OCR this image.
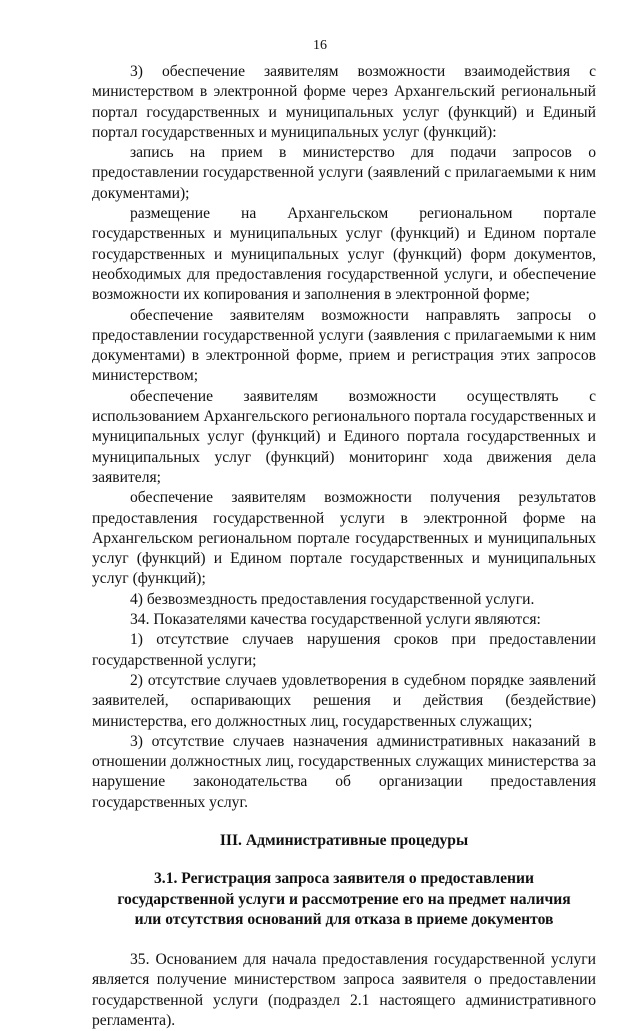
16

3) обеспечение заявителям возможности взаимодействия с министерством в электронной форме через Архангельский региональный портал государственных и муниципальных услуг (функций) и Единый портал государственных и муниципальных услуг (функций):

запись на прием в министерство для подачи запросов о предоставлении государственной услуги (заявлений с прилагаемыми к ним документами);

размещение на Архангельском региональном портале государственных и муниципальных услуг (функций) и Едином портале государственных и муниципальных услуг (функций) форм документов, необходимых для предоставления государственной услуги, и обеспечение возможности их копирования и заполнения в электронной форме;

обеспечение заявителям возможности направлять запросы о предоставлении государственной услуги (заявления с прилагаемыми к ним документами) в электронной форме, прием и регистрация этих запросов министерством;

обеспечение заявителям возможности осуществлять с использованием Архангельского регионального портала государственных и муниципальных услуг (функций) и Единого портала государственных и муниципальных услуг (функций) мониторинг хода движения дела заявителя;

обеспечение заявителям возможности получения результатов предоставления государственной услуги в электронной форме на Архангельском региональном портале государственных и муниципальных услуг (функций) и Едином портале государственных и муниципальных услуг (функций);

4) безвозмездность предоставления государственной услуги.

34. Показателями качества государственной услуги являются:

1) отсутствие случаев нарушения сроков при предоставлении государственной услуги;

2) отсутствие случаев удовлетворения в судебном порядке заявлений заявителей, оспаривающих решения и действия (бездействие) министерства, его должностных лиц, государственных служащих;

3) отсутствие случаев назначения административных наказаний в отношении должностных лиц, государственных служащих министерства за нарушение законодательства об организации предоставления государственных услуг.

III. Административные процедуры

3.1. Регистрация запроса заявителя о предоставлении
государственной услуги и рассмотрение его на предмет наличия
или отсутствия оснований для отказа в приеме документов

35. Основанием для начала предоставления государственной услуги является получение министерством запроса заявителя о предоставлении государственной услуги (подраздел 2.1 настоящего административного регламента).
